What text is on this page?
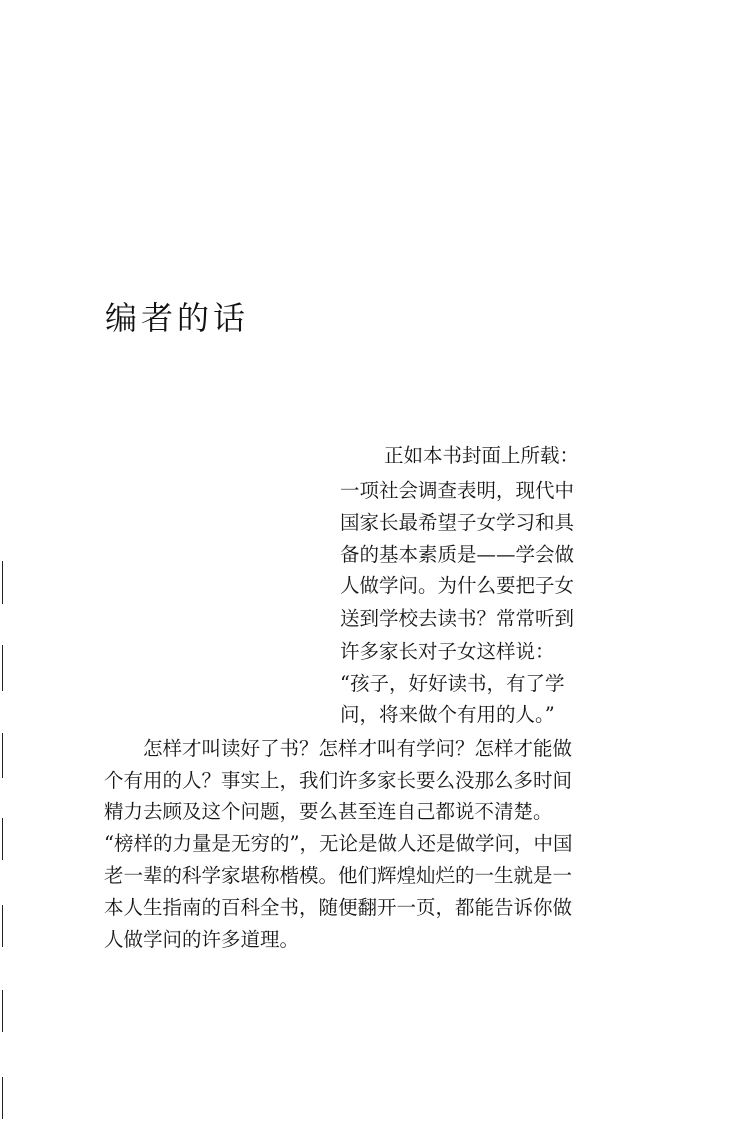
编者的话
正如本书封面上所载：
一项社会调查表明，现代中
国家长最希望子女学习和具
备的基本素质是——学会做
人做学问。为什么要把子女
送到学校去读书？常常听到
许多家长对子女这样说：
“孩子，好好读书，有了学
问，将来做个有用的人。”
怎样才叫读好了书？怎样才叫有学问？怎样才能做
个有用的人？事实上，我们许多家长要么没那么多时间
精力去顾及这个问题，要么甚至连自己都说不清楚。
“榜样的力量是无穷的”，无论是做人还是做学问，中国
老一辈的科学家堪称楷模。他们辉煌灿烂的一生就是一
本人生指南的百科全书，随便翻开一页，都能告诉你做
人做学问的许多道理。
